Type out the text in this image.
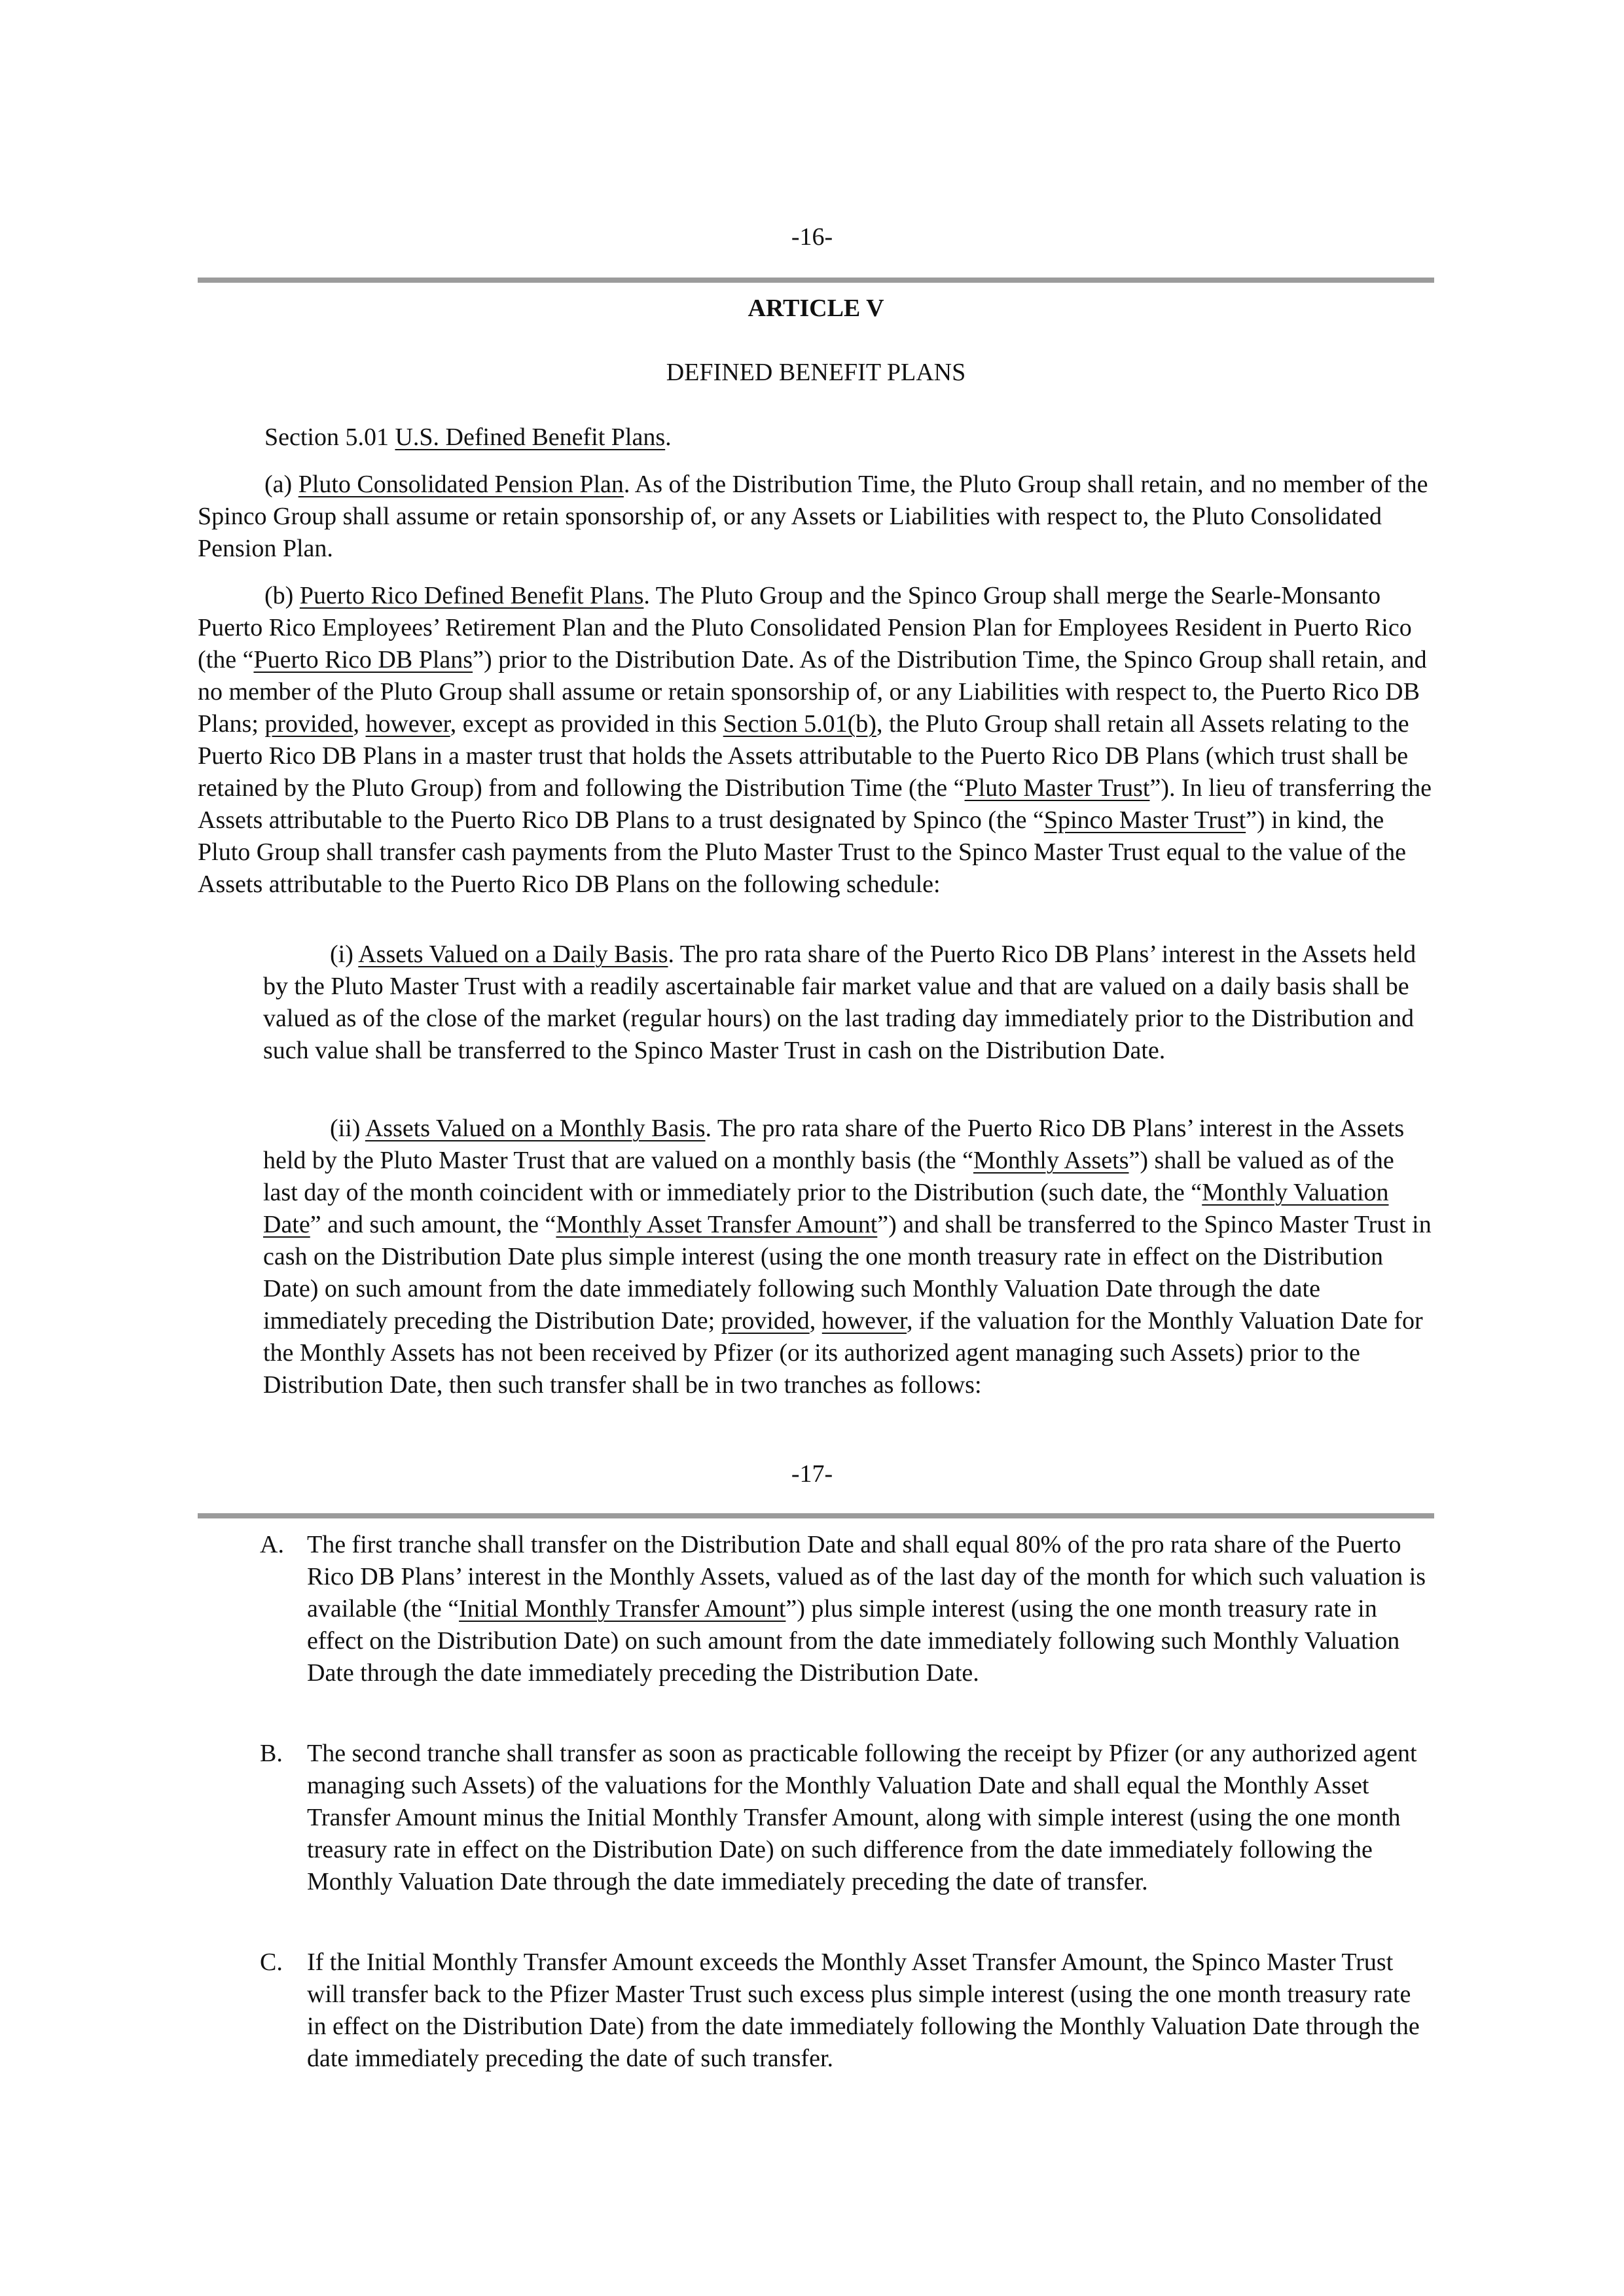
-16-
ARTICLE V
DEFINED BENEFIT PLANS

Section 5.01 U.S. Defined Benefit Plans.

(a) Pluto Consolidated Pension Plan. As of the Distribution Time, the Pluto Group shall retain, and no member of the Spinco Group shall assume or retain sponsorship of, or any Assets or Liabilities with respect to, the Pluto Consolidated Pension Plan.

(b) Puerto Rico Defined Benefit Plans. The Pluto Group and the Spinco Group shall merge the Searle-Monsanto Puerto Rico Employees’ Retirement Plan and the Pluto Consolidated Pension Plan for Employees Resident in Puerto Rico (the “Puerto Rico DB Plans”) prior to the Distribution Date. As of the Distribution Time, the Spinco Group shall retain, and no member of the Pluto Group shall assume or retain sponsorship of, or any Liabilities with respect to, the Puerto Rico DB Plans; provided, however, except as provided in this Section 5.01(b), the Pluto Group shall retain all Assets relating to the Puerto Rico DB Plans in a master trust that holds the Assets attributable to the Puerto Rico DB Plans (which trust shall be retained by the Pluto Group) from and following the Distribution Time (the “Pluto Master Trust”). In lieu of transferring the Assets attributable to the Puerto Rico DB Plans to a trust designated by Spinco (the “Spinco Master Trust”) in kind, the Pluto Group shall transfer cash payments from the Pluto Master Trust to the Spinco Master Trust equal to the value of the Assets attributable to the Puerto Rico DB Plans on the following schedule:

(i) Assets Valued on a Daily Basis. The pro rata share of the Puerto Rico DB Plans’ interest in the Assets held by the Pluto Master Trust with a readily ascertainable fair market value and that are valued on a daily basis shall be valued as of the close of the market (regular hours) on the last trading day immediately prior to the Distribution and such value shall be transferred to the Spinco Master Trust in cash on the Distribution Date.

(ii) Assets Valued on a Monthly Basis. The pro rata share of the Puerto Rico DB Plans’ interest in the Assets held by the Pluto Master Trust that are valued on a monthly basis (the “Monthly Assets”) shall be valued as of the last day of the month coincident with or immediately prior to the Distribution (such date, the “Monthly Valuation Date” and such amount, the “Monthly Asset Transfer Amount”) and shall be transferred to the Spinco Master Trust in cash on the Distribution Date plus simple interest (using the one month treasury rate in effect on the Distribution Date) on such amount from the date immediately following such Monthly Valuation Date through the date immediately preceding the Distribution Date; provided, however, if the valuation for the Monthly Valuation Date for the Monthly Assets has not been received by Pfizer (or its authorized agent managing such Assets) prior to the Distribution Date, then such transfer shall be in two tranches as follows:

-17-
A. The first tranche shall transfer on the Distribution Date and shall equal 80% of the pro rata share of the Puerto Rico DB Plans’ interest in the Monthly Assets, valued as of the last day of the month for which such valuation is available (the “Initial Monthly Transfer Amount”) plus simple interest (using the one month treasury rate in effect on the Distribution Date) on such amount from the date immediately following such Monthly Valuation Date through the date immediately preceding the Distribution Date.

B. The second tranche shall transfer as soon as practicable following the receipt by Pfizer (or any authorized agent managing such Assets) of the valuations for the Monthly Valuation Date and shall equal the Monthly Asset Transfer Amount minus the Initial Monthly Transfer Amount, along with simple interest (using the one month treasury rate in effect on the Distribution Date) on such difference from the date immediately following the Monthly Valuation Date through the date immediately preceding the date of transfer.

C. If the Initial Monthly Transfer Amount exceeds the Monthly Asset Transfer Amount, the Spinco Master Trust will transfer back to the Pfizer Master Trust such excess plus simple interest (using the one month treasury rate in effect on the Distribution Date) from the date immediately following the Monthly Valuation Date through the date immediately preceding the date of such transfer.
